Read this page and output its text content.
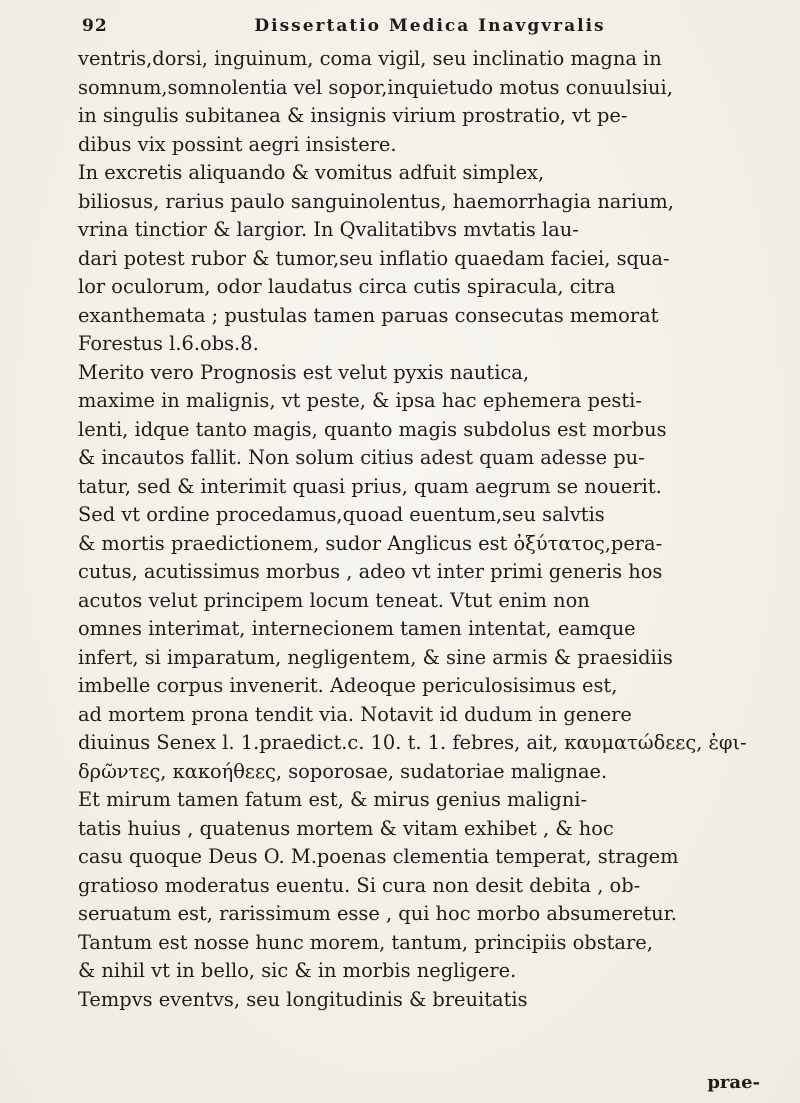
92	Dissertatio Medica Inavgvralis
ventris,dorsi, inguinum, coma vigil, seu inclinatio magna in
somnum,somnolentia vel sopor,inquietudo motus conuulsiui,
in singulis subitanea & insignis virium prostratio, vt pe-
dibus vix possint aegri insistere.
In excretis aliquando & vomitus adfuit simplex,
biliosus, rarius paulo sanguinolentus, haemorrhagia narium,
vrina tinctior & largior. In Qvalitatibvs mvtatis lau-
dari potest rubor & tumor,seu inflatio quaedam faciei, squa-
lor oculorum, odor laudatus circa cutis spiracula, citra
exanthemata ; pustulas tamen paruas consecutas memorat
Forestus l.6.obs.8.
Merito vero Prognosis est velut pyxis nautica,
maxime in malignis, vt peste, & ipsa hac ephemera pesti-
lenti, idque tanto magis, quanto magis subdolus est morbus
& incautos fallit. Non solum citius adest quam adesse pu-
tatur, sed & interimit quasi prius, quam aegrum se nouerit.
Sed vt ordine procedamus,quoad euentum,seu salvtis
& mortis praedictionem, sudor Anglicus est ὀξύτατος,pera-
cutus, acutissimus morbus , adeo vt inter primi generis hos
acutos velut principem locum teneat. Vtut enim non
omnes interimat, internecionem tamen intentat, eamque
infert, si imparatum, negligentem, & sine armis & praesidiis
imbelle corpus invenerit. Adeoque periculosisimus est,
ad mortem prona tendit via. Notavit id dudum in genere
diuinus Senex l. 1.praedict.c. 10. t. 1. febres, ait, καυματώδεες, ἐφι-
δρῶντες, κακοήθεες, soporosae, sudatoriae malignae.
Et mirum tamen fatum est, & mirus genius maligni-
tatis huius , quatenus mortem & vitam exhibet , & hoc
casu quoque Deus O. M.poenas clementia temperat, stragem
gratioso moderatus euentu. Si cura non desit debita , ob-
seruatum est, rarissimum esse , qui hoc morbo absumeretur.
Tantum est nosse hunc morem, tantum, principiis obstare,
& nihil vt in bello, sic & in morbis negligere.
Tempvs eventvs, seu longitudinis & breuitatis
prae-
